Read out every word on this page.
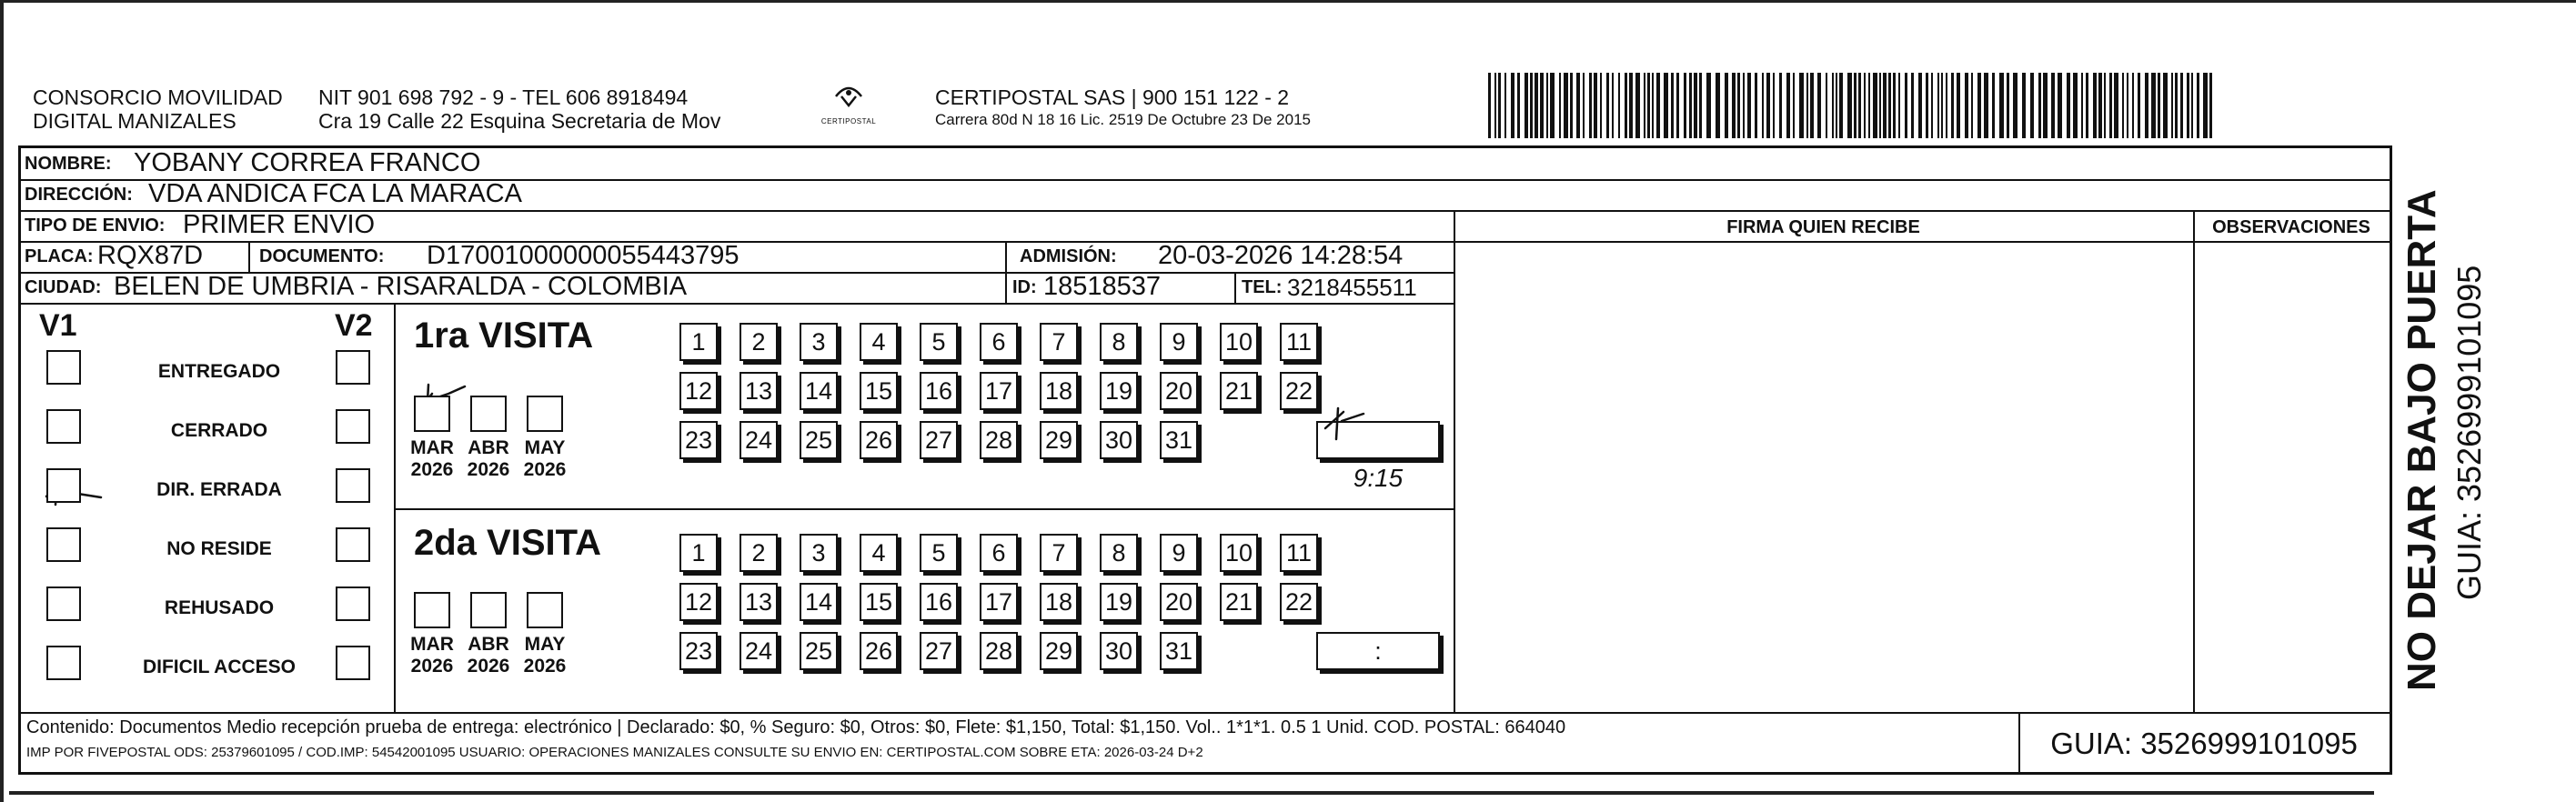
CONSORCIO MOVILIDAD
DIGITAL MANIZALES
NIT 901 698 792 - 9 - TEL 606 8918494
Cra 19 Calle 22 Esquina Secretaria de Mov	CERTIPOSTAL
CERTIPOSTAL SAS | 900 151 122 - 2
Carrera 80d N 18 16 Lic. 2519 De Octubre 23 De 2015
NOMBRE: YOBANY CORREA FRANCO
DIRECCIÓN: VDA ANDICA FCA LA MARACA
TIPO DE ENVIO: PRIMER ENVIO
PLACA: RQX87D	DOCUMENTO: D17001000000055443795	ADMISIÓN: 20-03-2026 14:28:54
CIUDAD: BELEN DE UMBRIA - RISARALDA - COLOMBIA	ID: 18518537	TEL: 3218455511
FIRMA QUIEN RECIBE	OBSERVACIONES
V1	V2 1ra VISITA
2da VISITA
9:15
Contenido: Documentos Medio recepción prueba de entrega: electrónico | Declarado: $0, % Seguro: $0, Otros: $0, Flete: $1,150, Total: $1,150. Vol.. 1*1*1. 0.5 1 Unid. COD. POSTAL: 664040
IMP POR FIVEPOSTAL ODS: 25379601095 / COD.IMP: 54542001095 USUARIO: OPERACIONES MANIZALES CONSULTE SU ENVIO EN: CERTIPOSTAL.COM SOBRE ETA: 2026-03-24 D+2	GUIA: 3526999101095
ENTREGADO
CERRADO
DIR. ERRADA
NO RESIDE
REHUSADO
DIFICIL ACCESO
MAR
2026
ABR
2026
MAY
2026
MAR
2026
ABR
2026
MAY
2026
1	2	3	4	5	6	7	8	9	10 11
12 13 14 15 16 17 18 19 20 21 22
23 24 25 26 27 28 29 30 31
1	2	3	4	5	6	7	8	9	10 11
12 13 14 15 16 17 18 19 20 21 22
23 24 25 26 27 28 29 30 31	:	NO DEJAR BAJO PUERTA GUIA: 3526999101095
